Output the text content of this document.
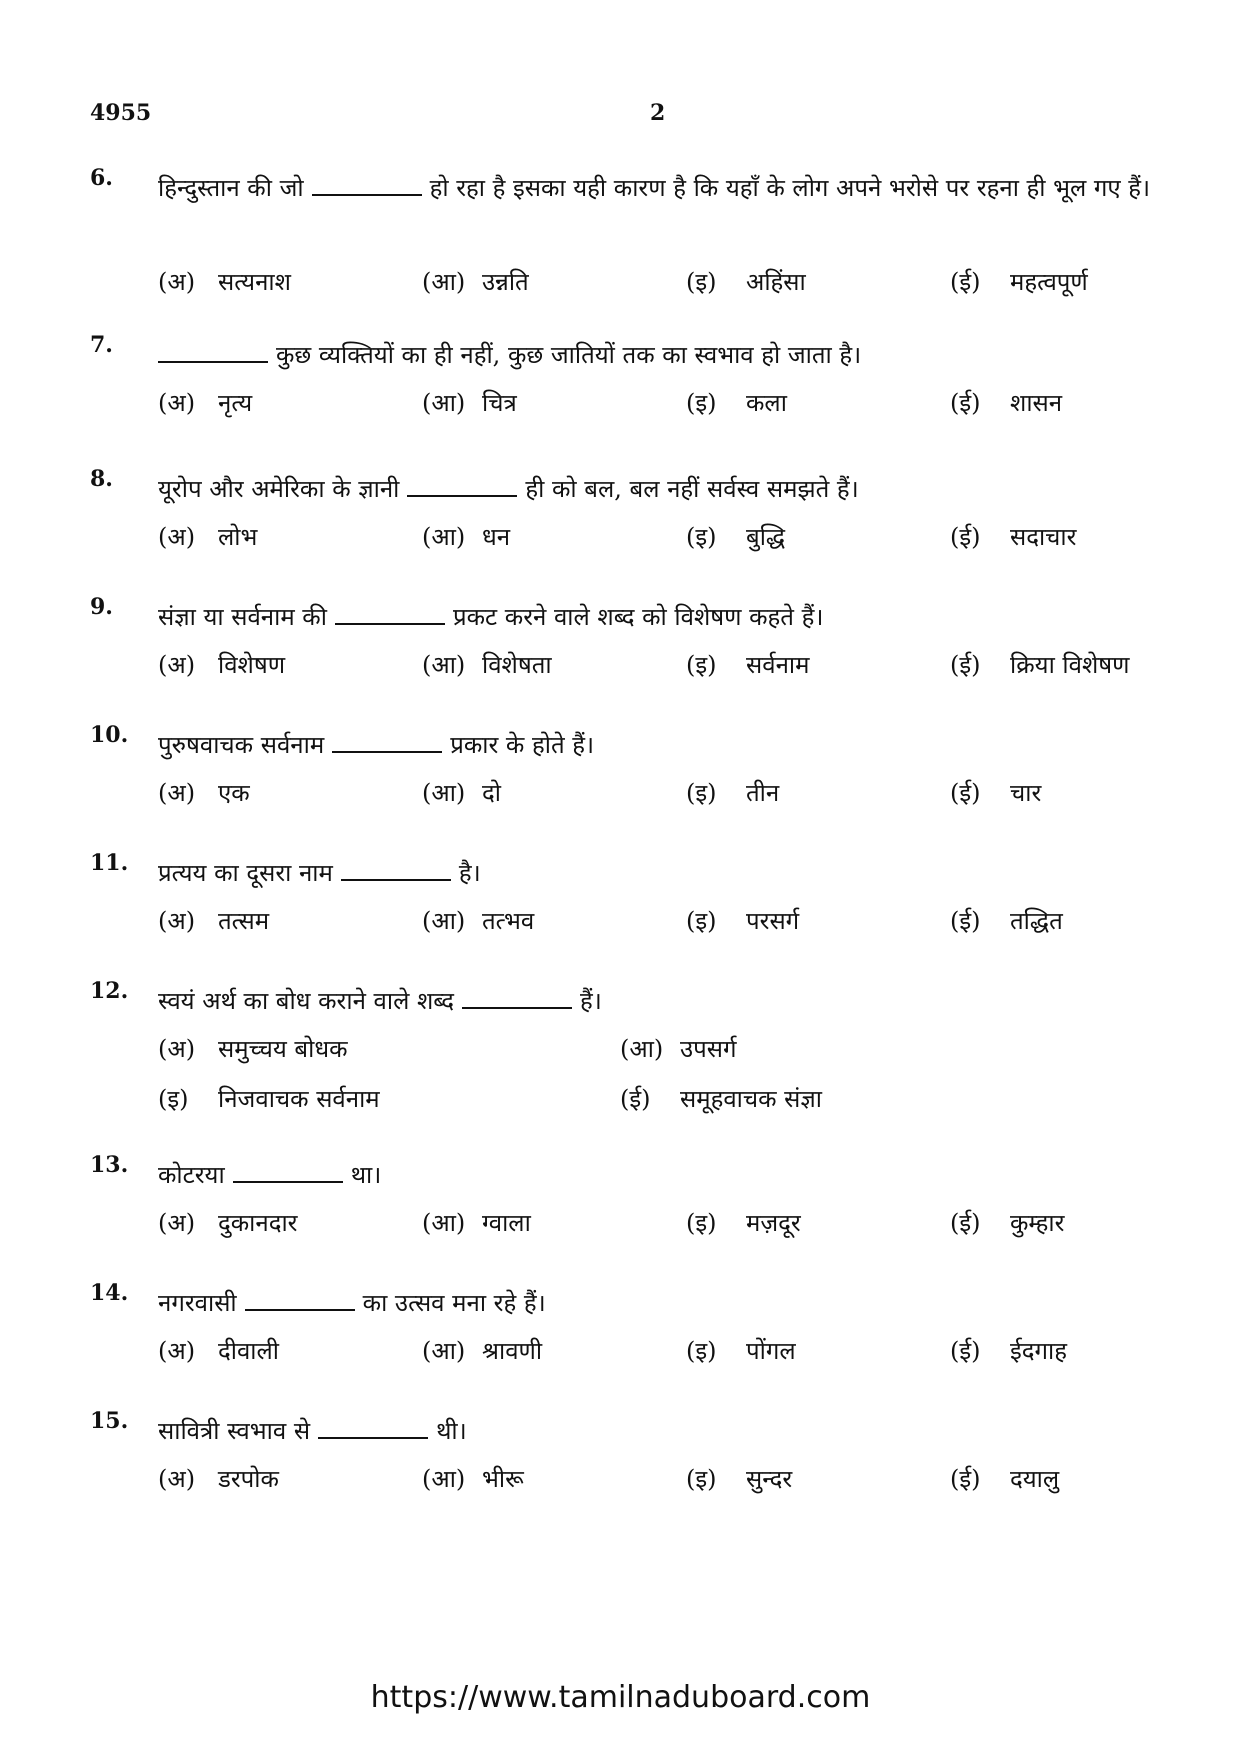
4955	2
6. हिन्दुस्तान की जो	हो रहा है इसका यही कारण है कि यहाँ के लोग अपने भरोसे पर रहना ही भूल गए हैं।
(अ) सत्यनाश	(आ) उन्नति	(इ) अहिंसा	(ई) महत्वपूर्ण
7.	कुछ व्यक्तियों का ही नहीं, कुछ जातियों तक का स्वभाव हो जाता है।
(अ) नृत्य	(आ) चित्र	(इ) कला	(ई) शासन
8. यूरोप और अमेरिका के ज्ञानी	ही को बल, बल नहीं सर्वस्व समझते हैं।
(अ) लोभ	(आ) धन	(इ) बुद्धि	(ई) सदाचार
9. संज्ञा या सर्वनाम की	प्रकट करने वाले शब्द को विशेषण कहते हैं।
(अ) विशेषण	(आ) विशेषता	(इ) सर्वनाम	(ई) क्रिया विशेषण
10. पुरुषवाचक सर्वनाम	प्रकार के होते हैं।
(अ) एक	(आ) दो	(इ) तीन	(ई) चार
11. प्रत्यय का दूसरा नाम	है।
(अ) तत्सम	(आ) तत्भव	(इ) परसर्ग	(ई) तद्धित
12. स्वयं अर्थ का बोध कराने वाले शब्द	हैं।
(अ) समुच्चय बोधक	(आ) उपसर्ग
(इ) निजवाचक सर्वनाम	(ई) समूहवाचक संज्ञा
13. कोटरया	था।
(अ) दुकानदार	(आ) ग्वाला	(इ) मज़दूर	(ई) कुम्हार
14. नगरवासी	का उत्सव मना रहे हैं।
(अ) दीवाली	(आ) श्रावणी	(इ) पोंगल	(ई) ईदगाह
15. सावित्री स्वभाव से	थी।
(अ) डरपोक	(आ) भीरू	(इ) सुन्दर	(ई) दयालु
https://www.tamilnaduboard.com
